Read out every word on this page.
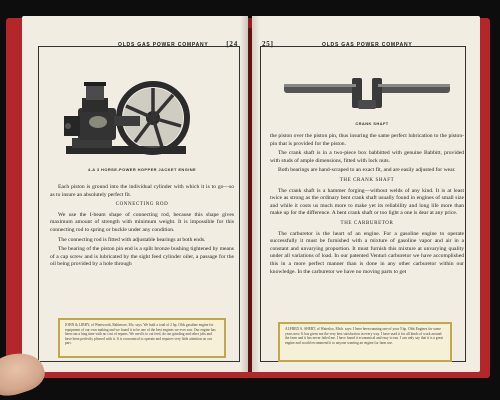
OLDS GAS POWER COMPANY	[24
4-A 3 HORSE-POWER HOPPER JACKET ENGINE

Each piston is ground into the individual cylinder with which it is to go—so as to insure an absolutely perfect fit.

CONNECTING ROD

We use the I-beam shape of connecting rod, because this shape gives maximum amount of strength with minimum weight. It is impossible for this connecting rod to spring or buckle under any condition.

The connecting rod is fitted with adjustable bearings at both ends.

The bearing of the piston pin end is a split bronze bushing tightened by means of a cap screw and is lubricated by the sight feed cylinder oiler, a passage for the oil being provided by a hole through

JOHN & LIBBY, of Wentworth, Baltimore, Mo. says: We built a total of 2 hp. Olds gasoline engine for equipment of our own making and we found it to be one of the best engines we ever saw. Our engine has been run a long time with no cost of repairs. We used it to cut feed, do our grinding and other jobs and have been perfectly pleased with it. It is economical to operate and requires very little attention on our part.
25]	OLDS GAS POWER COMPANY
CRANK SHAFT

the piston over the piston pin, thus insuring the same perfect lubrication to the piston-pin that is provided for the piston.

The crank shaft is in a two-piece box babbitted with genuine Babbitt, provided with studs of ample dimensions, fitted with lock nuts.

Both bearings are hand-scraped to an exact fit, and are easily adjusted for wear.

THE CRANK SHAFT

The crank shaft is a hammer forging—without welds of any kind. It is at least twice as strong as the ordinary bent crank shaft usually found in engines of small size and while it costs us much more to make yet its reliability and long life more than make up for the difference. A bent crank shaft or too light a one is dear at any price.

THE CARBURETOR

The carburetor is the heart of an engine. For a gasoline engine to operate successfully it must be furnished with a mixture of gasoline vapor and air in a constant and unvarying proportion. It must furnish this mixture at unvarying quality under all variations of load. In our patented Venturi carburetor we have accomplished this in a more perfect manner than is done in any other carburetor within our knowledge. In the carburetor we have no moving parts to get

ALFRED A. SHERT, of Waterloo, Mich. says: I have been running one of your 5 hp. Olds Engines for some years now. It has given me the very best satisfaction in every way. I have used it for all kinds of work around the farm and it has never failed me. I have found it economical and easy to run. I can only say that it is a great engine and would recommend it to anyone wanting an engine for farm use.
